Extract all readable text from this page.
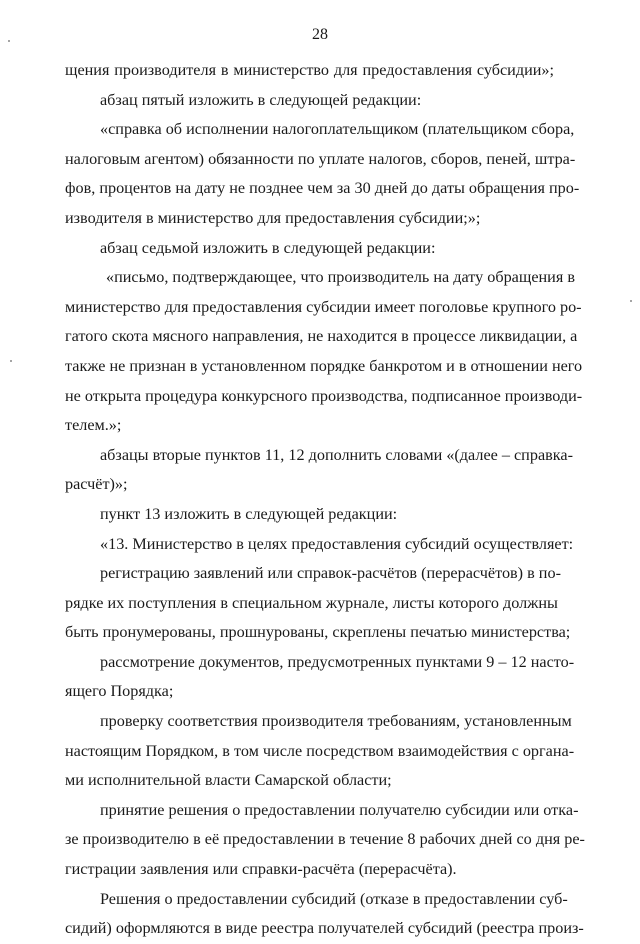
28
щения производителя в министерство для предоставления субсидии»;
абзац пятый изложить в следующей редакции:
«справка об исполнении налогоплательщиком (плательщиком сбора,
налоговым агентом) обязанности по уплате налогов, сборов, пеней, штра-
фов, процентов на дату не позднее чем за 30 дней до даты обращения про-
изводителя в министерство для предоставления субсидии;»;
абзац седьмой изложить в следующей редакции:
«письмо, подтверждающее, что производитель на дату обращения в
министерство для предоставления субсидии имеет поголовье крупного ро-
гатого скота мясного направления, не находится в процессе ликвидации, а
также не признан в установленном порядке банкротом и в отношении него
не открыта процедура конкурсного производства, подписанное производи-
телем.»;
абзацы вторые пунктов 11, 12 дополнить словами «(далее – справка-
расчёт)»;
пункт 13 изложить в следующей редакции:
«13. Министерство в целях предоставления субсидий осуществляет:
регистрацию заявлений или справок-расчётов (перерасчётов) в по-
рядке их поступления в специальном журнале, листы которого должны
быть пронумерованы, прошнурованы, скреплены печатью министерства;
рассмотрение документов, предусмотренных пунктами 9 – 12 насто-
ящего Порядка;
проверку соответствия производителя требованиям, установленным
настоящим Порядком, в том числе посредством взаимодействия с органа-
ми исполнительной власти Самарской области;
принятие решения о предоставлении получателю субсидии или отка-
зе производителю в её предоставлении в течение 8 рабочих дней со дня ре-
гистрации заявления или справки-расчёта (перерасчёта).
Решения о предоставлении субсидий (отказе в предоставлении суб-
сидий) оформляются в виде реестра получателей субсидий (реестра произ-
